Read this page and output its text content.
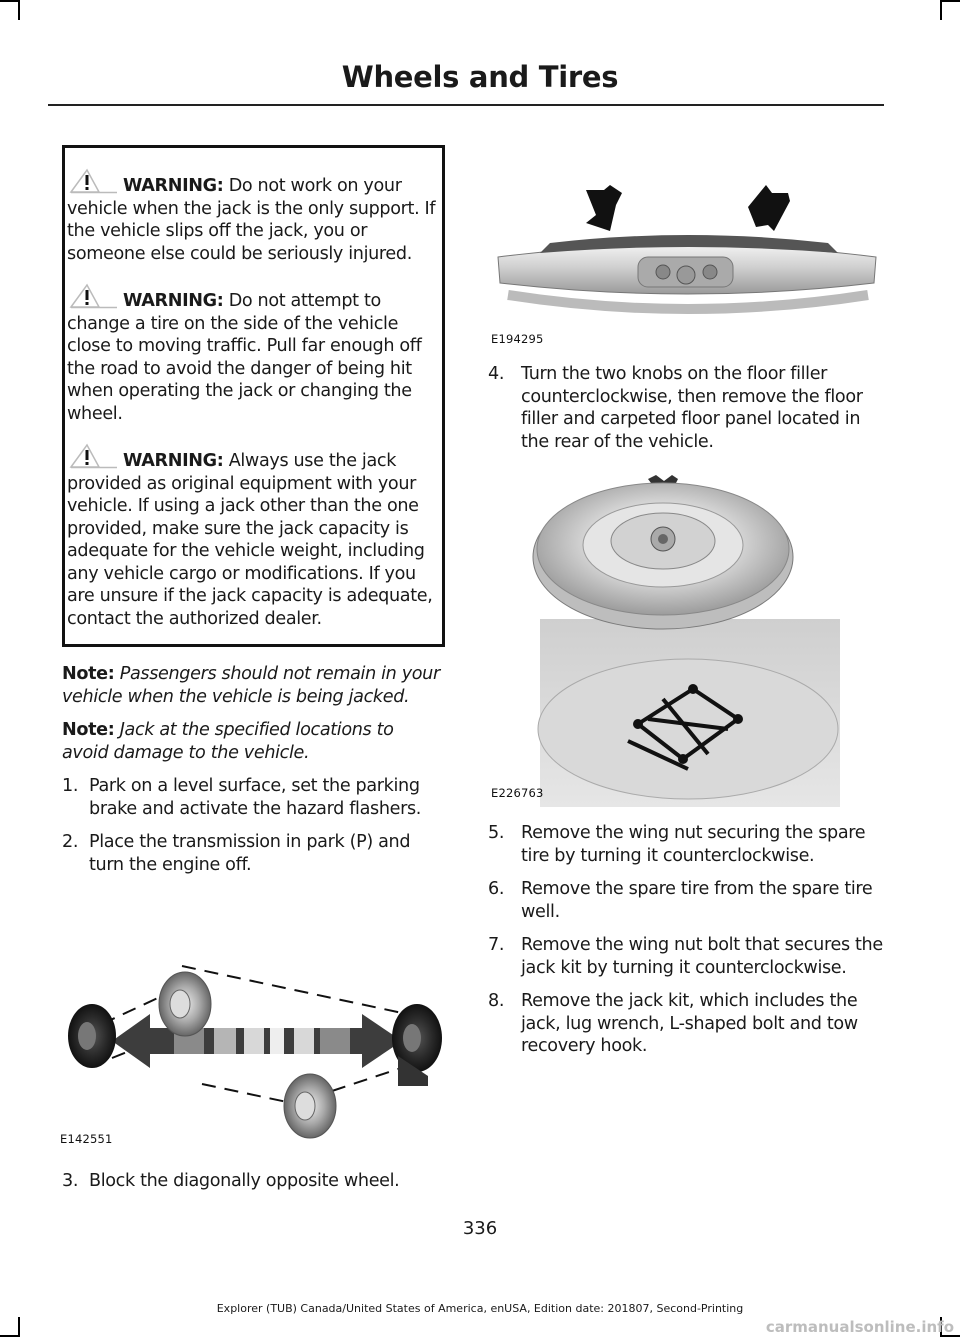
Wheels and Tires

WARNING: Do not work on your vehicle when the jack is the only support. If the vehicle slips off the jack, you or someone else could be seriously injured.

WARNING: Do not attempt to change a tire on the side of the vehicle close to moving traffic. Pull far enough off the road to avoid the danger of being hit when operating the jack or changing the wheel.

WARNING: Always use the jack provided as original equipment with your vehicle. If using a jack other than the one provided, make sure the jack capacity is adequate for the vehicle weight, including any vehicle cargo or modifications. If you are unsure if the jack capacity is adequate, contact the authorized dealer.

Note: Passengers should not remain in your vehicle when the vehicle is being jacked.

Note: Jack at the specified locations to avoid damage to the vehicle.

1. Park on a level surface, set the parking brake and activate the hazard flashers.
2. Place the transmission in park (P) and turn the engine off.
E142551
3. Block the diagonally opposite wheel.
E194295
4. Turn the two knobs on the floor filler counterclockwise, then remove the floor filler and carpeted floor panel located in the rear of the vehicle.
E226763
5. Remove the wing nut securing the spare tire by turning it counterclockwise.
6. Remove the spare tire from the spare tire well.
7. Remove the wing nut bolt that secures the jack kit by turning it counterclockwise.
8. Remove the jack kit, which includes the jack, lug wrench, L-shaped bolt and tow recovery hook.
336
Explorer (TUB) Canada/United States of America, enUSA, Edition date: 201807, Second-Printing
carmanualsonline.info
